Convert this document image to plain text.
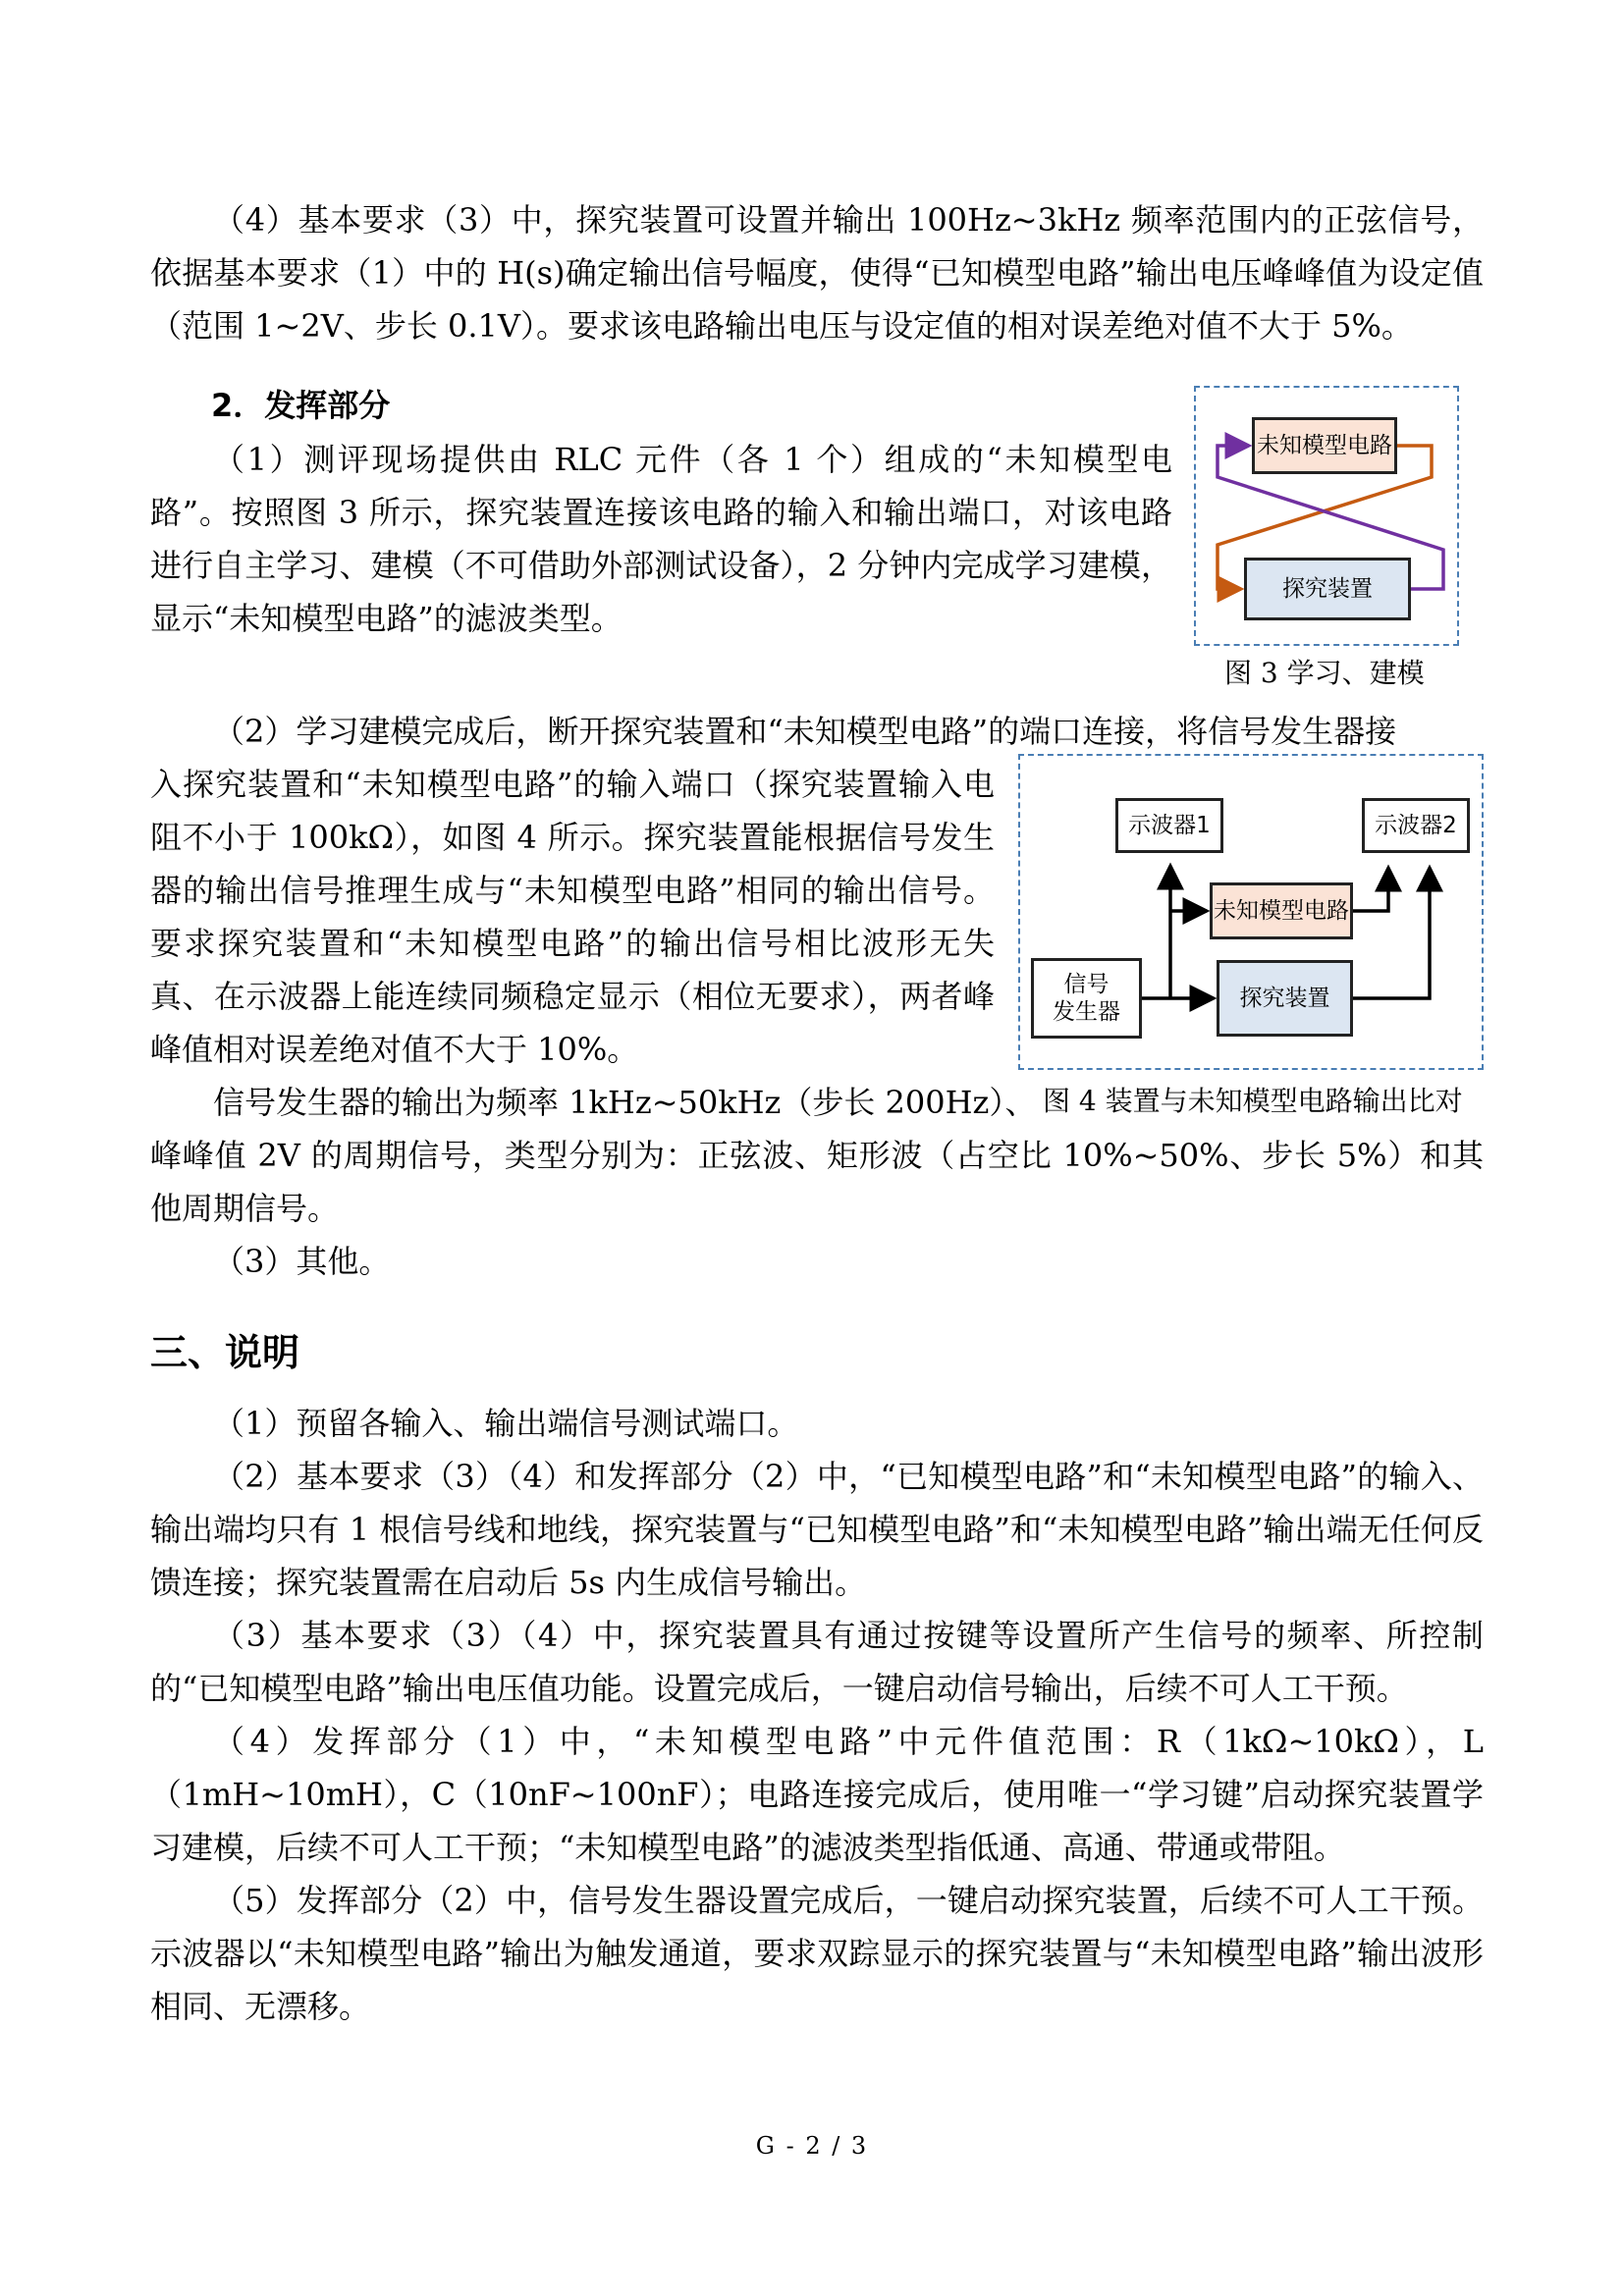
（4）基本要求（3）中，探究装置可设置并输出 100Hz~3kHz 频率范围内的正弦信号，依据基本要求（1）中的 H(s)确定输出信号幅度，使得“已知模型电路”输出电压峰峰值为设定值（范围 1~2V、步长 0.1V）。要求该电路输出电压与设定值的相对误差绝对值不大于 5%。

2．发挥部分

（1）测评现场提供由 RLC 元件（各 1 个）组成的“未知模型电路”。按照图 3 所示，探究装置连接该电路的输入和输出端口，对该电路进行自主学习、建模（不可借助外部测试设备），2 分钟内完成学习建模，显示“未知模型电路”的滤波类型。

未知模型电路
探究装置
图 3 学习、建模

（2）学习建模完成后，断开探究装置和“未知模型电路”的端口连接，将信号发生器接

入探究装置和“未知模型电路”的输入端口（探究装置输入电阻不小于 100kΩ），如图 4 所示。探究装置能根据信号发生器的输出信号推理生成与“未知模型电路”相同的输出信号。要求探究装置和“未知模型电路”的输出信号相比波形无失真、在示波器上能连续同频稳定显示（相位无要求），两者峰峰值相对误差绝对值不大于 10%。

示波器1	示波器2
未知模型电路
信号
发生器
探究装置
图 4 装置与未知模型电路输出比对

信号发生器的输出为频率 1kHz~50kHz（步长 200Hz）、

峰峰值 2V 的周期信号，类型分别为：正弦波、矩形波（占空比 10%~50%、步长 5%）和其他周期信号。

（3）其他。

三、说明

（1）预留各输入、输出端信号测试端口。

（2）基本要求（3）（4）和发挥部分（2）中，“已知模型电路”和“未知模型电路”的输入、输出端均只有 1 根信号线和地线，探究装置与“已知模型电路”和“未知模型电路”输出端无任何反馈连接；探究装置需在启动后 5s 内生成信号输出。

（3）基本要求（3）（4）中，探究装置具有通过按键等设置所产生信号的频率、所控制的“已知模型电路”输出电压值功能。设置完成后，一键启动信号输出，后续不可人工干预。

（4）发挥部分（1）中，“未知模型电路”中元件值范围：R（1kΩ~10kΩ），L（1mH~10mH），C（10nF~100nF）；电路连接完成后，使用唯一“学习键”启动探究装置学习建模，后续不可人工干预；“未知模型电路”的滤波类型指低通、高通、带通或带阻。

（5）发挥部分（2）中，信号发生器设置完成后，一键启动探究装置，后续不可人工干预。示波器以“未知模型电路”输出为触发通道，要求双踪显示的探究装置与“未知模型电路”输出波形相同、无漂移。

G - 2 / 3
